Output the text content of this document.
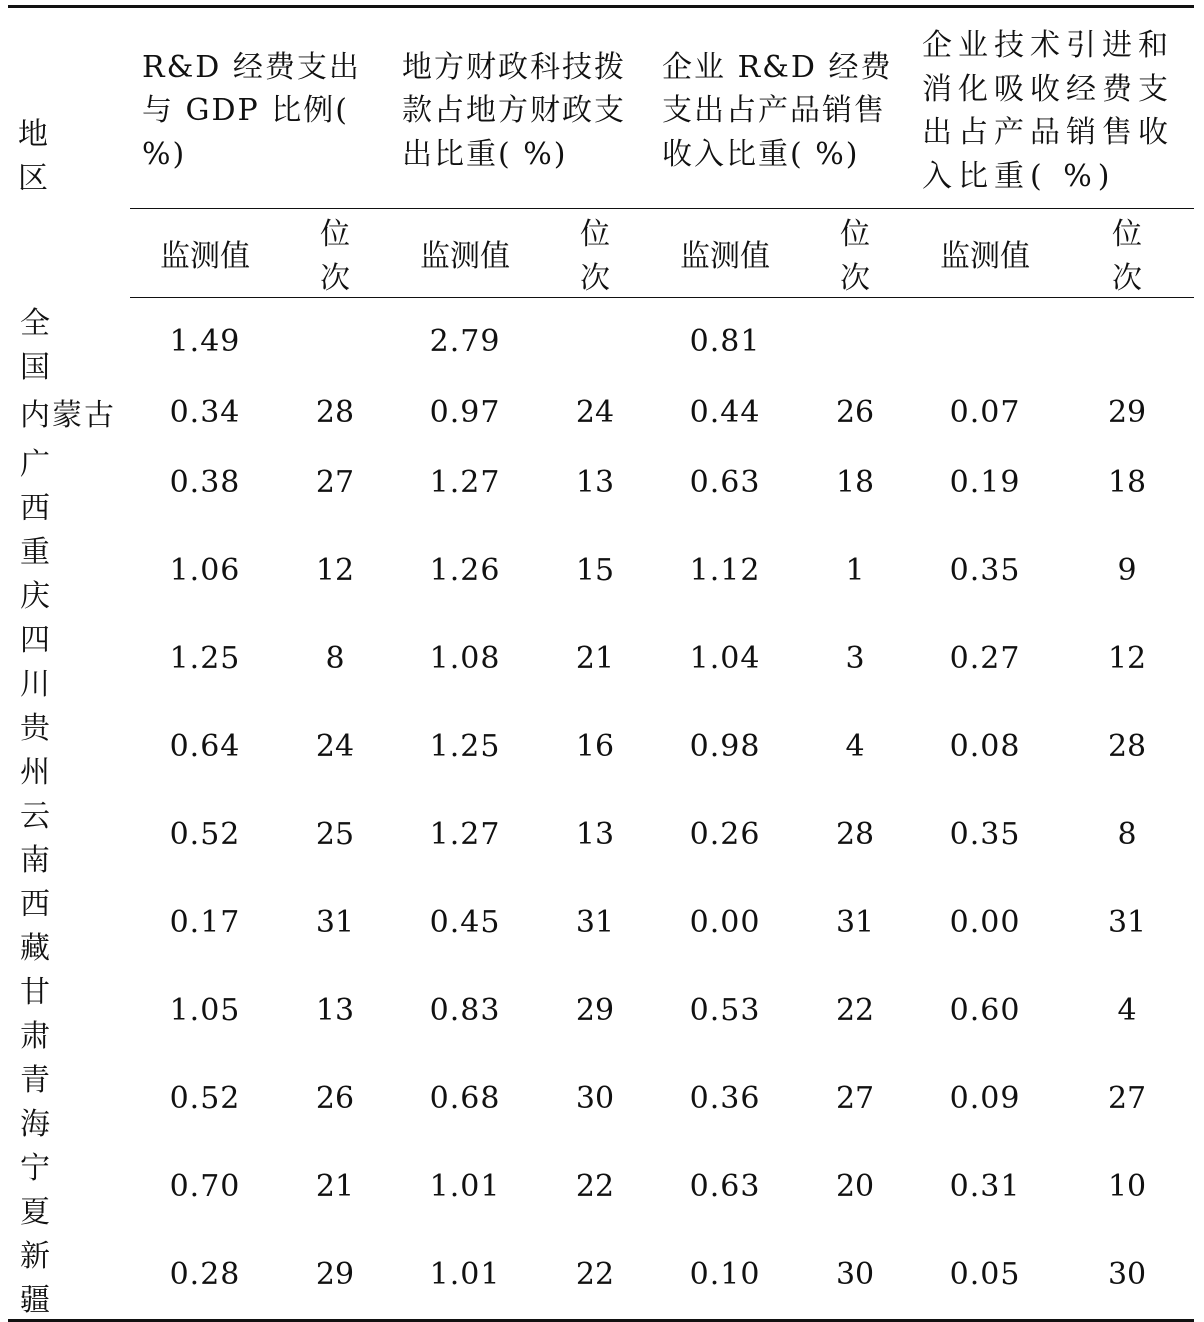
地 区	R&D 经费支出与 GDP 比例( %)		地方财政科技拨款占地方财政支出比重( %)		企业 R&D 经费支出占产品销售收入比重( %)		企业技术引进和消化吸收经费支出占产品销售收入比重( %)	
	监测值	位 次	监测值	位 次	监测值	位 次	监测值	位 次
全 国	1.49		2.79		0.81			
内蒙古	0.34	28	0.97	24	0.44	26	0.07	29
广 西	0.38	27	1.27	13	0.63	18	0.19	18
重 庆	1.06	12	1.26	15	1.12	1	0.35	9
四 川	1.25	8	1.08	21	1.04	3	0.27	12
贵 州	0.64	24	1.25	16	0.98	4	0.08	28
云 南	0.52	25	1.27	13	0.26	28	0.35	8
西 藏	0.17	31	0.45	31	0.00	31	0.00	31
甘 肃	1.05	13	0.83	29	0.53	22	0.60	4
青 海	0.52	26	0.68	30	0.36	27	0.09	27
宁 夏	0.70	21	1.01	22	0.63	20	0.31	10
新 疆	0.28	29	1.01	22	0.10	30	0.05	30
